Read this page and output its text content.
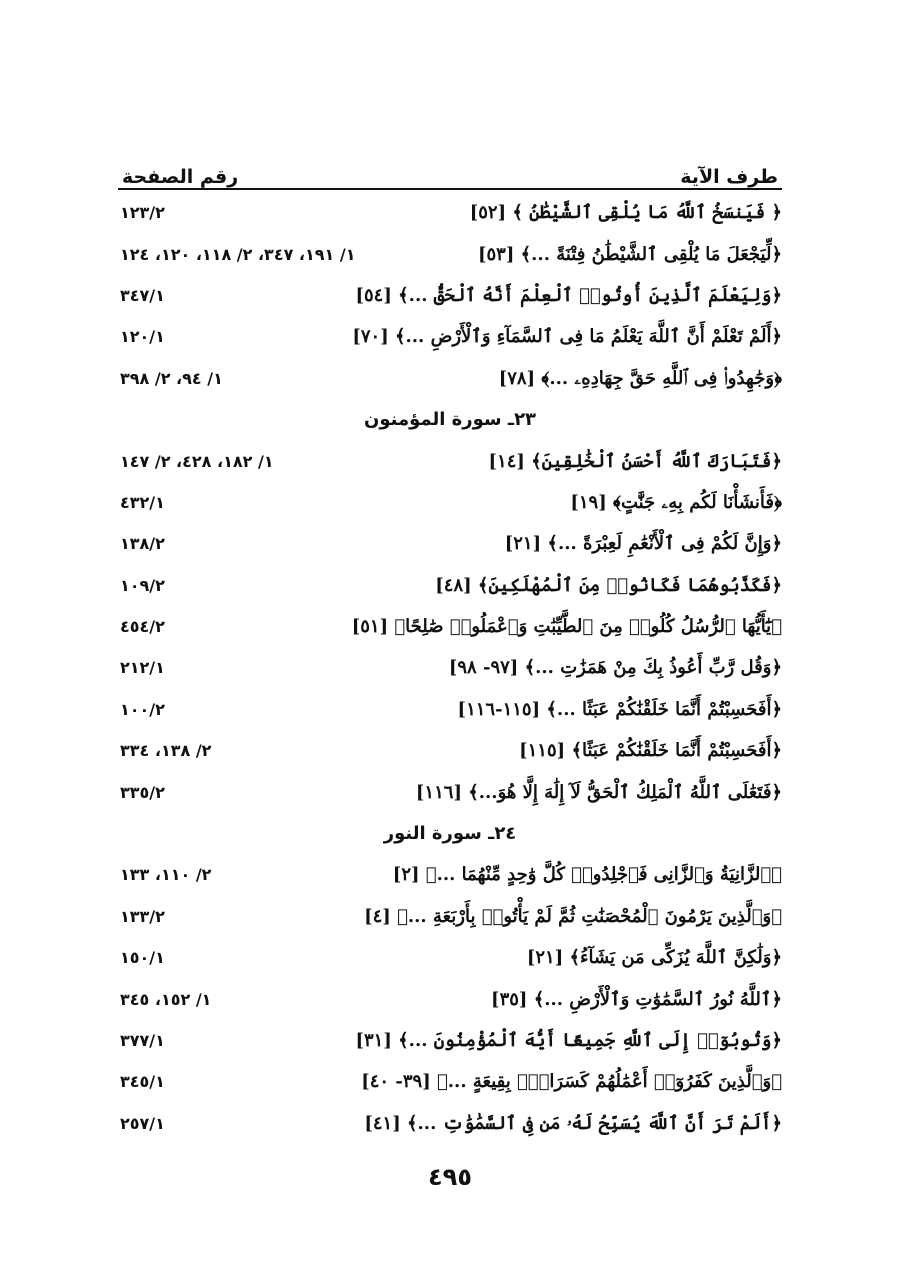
طرف الآية
رقم الصفحة
﴿ فَيَنسَخُ ٱللَّهُ مَا يُلْقِى ٱلشَّيْطَٰنُ ﴾ [٥٢]
١٢٣/٢
﴿لِّيَجْعَلَ مَا يُلْقِى ٱلشَّيْطَٰنُ فِتْنَةً ...﴾ [٥٣]
١/ ١٩١، ٣٤٧، ٢/ ١١٨، ١٢٠، ١٢٤
﴿وَلِيَعْلَمَ ٱلَّذِينَ أُوتُوا۟ ٱلْعِلْمَ أَنَّهُ ٱلْحَقُّ ...﴾ [٥٤]
٣٤٧/١
﴿أَلَمْ تَعْلَمْ أَنَّ ٱللَّهَ يَعْلَمُ مَا فِى ٱلسَّمَآءِ وَٱلْأَرْضِ ...﴾ [٧٠]
١٢٠/١
﴿وَجَٰهِدُوا۟ فِى ٱللَّهِ حَقَّ جِهَادِهِۦ ...﴾ [٧٨]
١/ ٩٤، ٢/ ٣٩٨
٢٣ـ سورة المؤمنون
﴿فَتَبَارَكَ ٱللَّهُ أَحْسَنُ ٱلْخَٰلِقِينَ﴾ [١٤]
١/ ١٨٢، ٤٢٨، ٢/ ١٤٧
﴿فَأَنشَأْنَا لَكُم بِهِۦ جَنَّٰتٍ﴾ [١٩]
٤٣٢/١
﴿وَإِنَّ لَكُمْ فِى ٱلْأَنْعَٰمِ لَعِبْرَةً ...﴾ [٢١]
١٣٨/٢
﴿فَكَذَّبُوهُمَا فَكَانُوا۟ مِنَ ٱلْمُهْلَكِينَ﴾ [٤٨]
١٠٩/٢
﴿يَٰٓأَيُّهَا ٱلرُّسُلُ كُلُوا۟ مِنَ ٱلطَّيِّبَٰتِ وَٱعْمَلُوا۟ صَٰلِحًا﴾ [٥١]
٤٥٤/٢
﴿وَقُل رَّبِّ أَعُوذُ بِكَ مِنْ هَمَزَٰتِ ...﴾ [٩٧- ٩٨]
٢١٢/١
﴿أَفَحَسِبْتُمْ أَنَّمَا خَلَقْنَٰكُمْ عَبَثًا ...﴾ [١١٥-١١٦]
١٠٠/٢
﴿أَفَحَسِبْتُمْ أَنَّمَا خَلَقْنَٰكُمْ عَبَثًا﴾ [١١٥]
٢/ ١٣٨، ٣٣٤
﴿فَتَعَٰلَى ٱللَّهُ ٱلْمَلِكُ ٱلْحَقُّ لَآ إِلَٰهَ إِلَّا هُوَ...﴾ [١١٦]
٣٣٥/٢
٢٤ـ سورة النور
﴿ٱلزَّانِيَةُ وَٱلزَّانِى فَٱجْلِدُوا۟ كُلَّ وَٰحِدٍ مِّنْهُمَا ...﴾ [٢]
٢/ ١١٠، ١٣٣
﴿وَٱلَّذِينَ يَرْمُونَ ٱلْمُحْصَنَٰتِ ثُمَّ لَمْ يَأْتُوا۟ بِأَرْبَعَةِ ...﴾ [٤]
١٣٣/٢
﴿وَلَٰكِنَّ ٱللَّهَ يُزَكِّى مَن يَشَآءُ﴾ [٢١]
١٥٠/١
﴿ٱللَّهُ نُورُ ٱلسَّمَٰوَٰتِ وَٱلْأَرْضِ ...﴾ [٣٥]
١/ ١٥٢، ٣٤٥
﴿وَتُوبُوٓا۟ إِلَى ٱللَّهِ جَمِيعًا أَيُّهَ ٱلْمُؤْمِنُونَ ...﴾ [٣١]
٣٧٧/١
﴿وَٱلَّذِينَ كَفَرُوٓا۟ أَعْمَٰلُهُمْ كَسَرَابٍۭ بِقِيعَةٍ ...﴾ [٣٩- ٤٠]
٣٤٥/١
﴿أَلَمْ تَرَ أَنَّ ٱللَّهَ يُسَبِّحُ لَهُۥ مَن فِى ٱلسَّمَٰوَٰتِ ...﴾ [٤١]
٢٥٧/١
٤٩٥
